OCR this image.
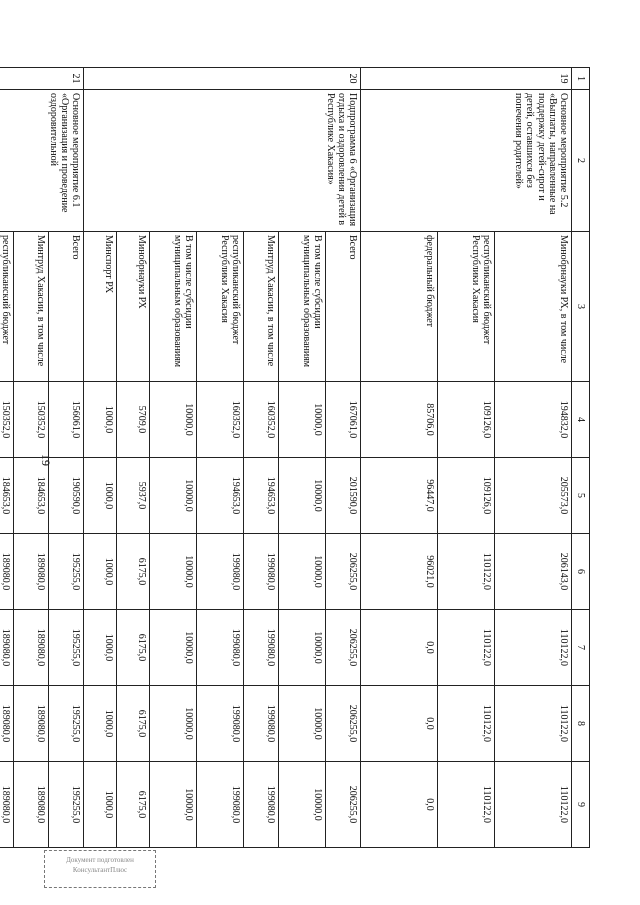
19
1	2	3	4	5	6	7	8	9
19	Основное мероприятие 5.2 «Выплаты, направленные на поддержку детей-сирот и детей, оставшихся без попечения родителей»	Минобрнауки РХ, в том числе	194832,0	205573,0	206143,0	110122,0	110122,0	110122,0
		республиканский бюджет Республики Хакасия	109126,0	109126,0	110122,0	110122,0	110122,0	110122,0
		федеральный бюджет	85706,0	96447,0	96021,0	0,0	0,0	0,0
20	Подпрограмма 6 «Организация отдыха и оздоровления детей в Республике Хакасия»	Всего	167061,0	201590,0	206255,0	206255,0	206255,0	206255,0
		В том числе субсидии муниципальным образованиям	10000,0	10000,0	10000,0	10000,0	10000,0	10000,0
		Минтруд Хакасии, в том числе	160352,0	194653,0	199080,0	199080,0	199080,0	199080,0
		республиканский бюджет Республики Хакасия	160352,0	194653,0	199080,0	199080,0	199080,0	199080,0
		В том числе субсидии муниципальным образованиям	10000,0	10000,0	10000,0	10000,0	10000,0	10000,0
		Минобрнауки РХ	5709,0	5937,0	6175,0	6175,0	6175,0	6175,0
		Минспорт РХ	1000,0	1000,0	1000,0	1000,0	1000,0	1000,0
21	Основное мероприятие 6.1 «Организация и проведение оздоровительной	Всего	156061,0	190590,0	195255,0	195255,0	195255,0	195255,0
		Минтруд Хакасии, в том числе	150352,0	184653,0	189080,0	189080,0	189080,0	189080,0
		республиканский бюджет	150352,0	184653,0	189080,0	189080,0	189080,0	189080,0
Документ подготовлен
КонсультантПлюс
